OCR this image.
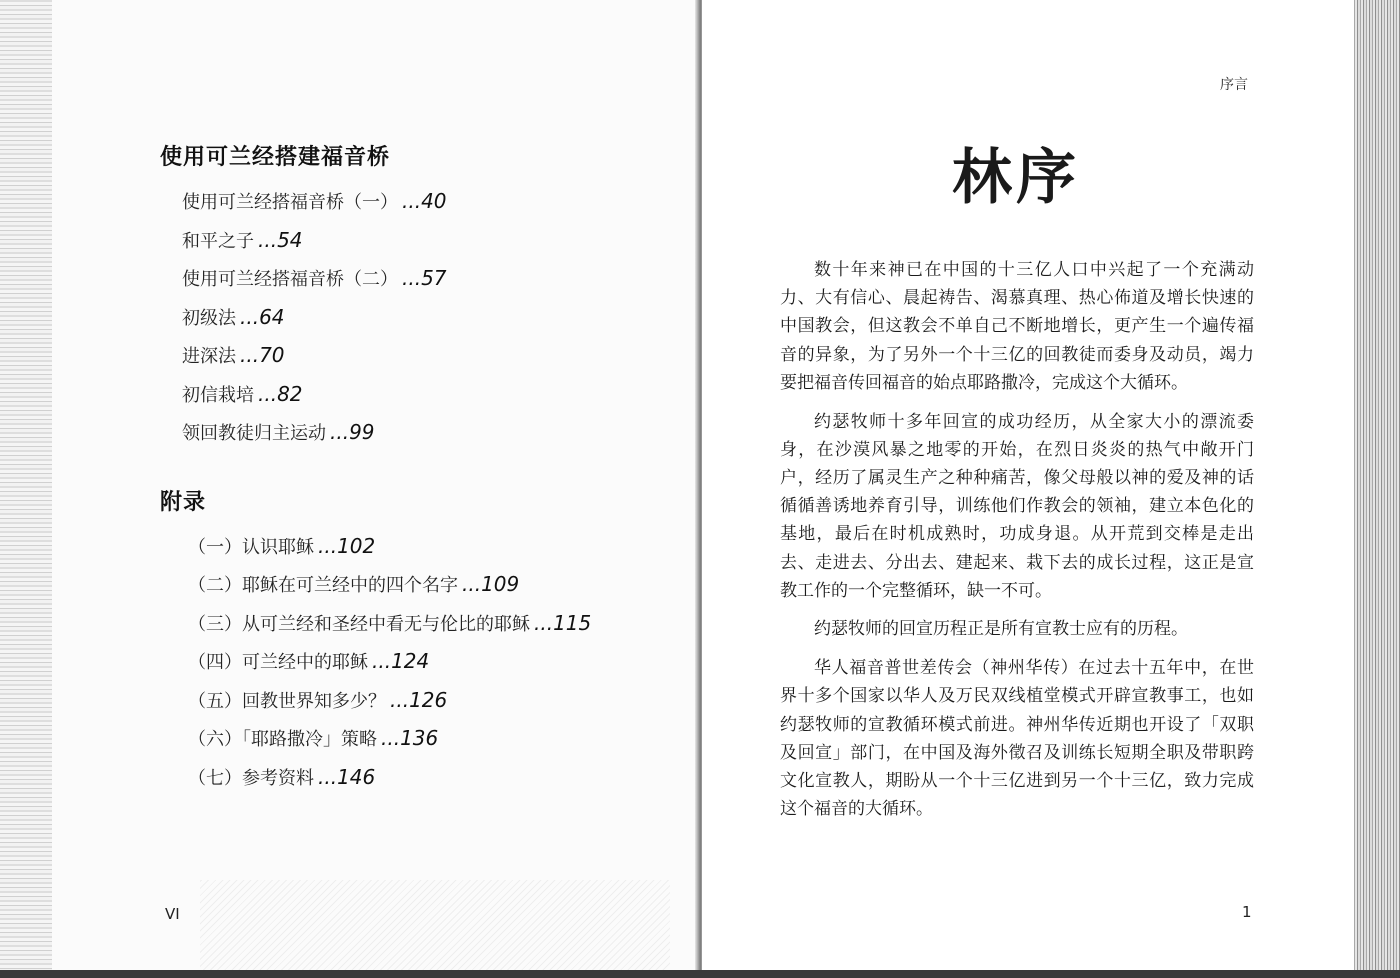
使用可兰经搭建福音桥
使用可兰经搭福音桥（一） ...40
和平之子 ...54
使用可兰经搭福音桥（二） ...57
初级法 ...64
进深法 ...70
初信栽培 ...82
领回教徒归主运动 ...99
附录
（一）认识耶稣 ...102
（二）耶稣在可兰经中的四个名字 ...109
（三）从可兰经和圣经中看无与伦比的耶稣 ...115
（四）可兰经中的耶稣 ...124
（五）回教世界知多少？ ...126
（六）「耶路撒冷」策略 ...136
（七）参考资料 ...146
VI
序言
林序

数十年来神已在中国的十三亿人口中兴起了一个充满动力、大有信心、晨起祷告、渴慕真理、热心佈道及增长快速的中国教会，但这教会不单自己不断地增长，更产生一个遍传福音的异象，为了另外一个十三亿的回教徒而委身及动员，竭力要把福音传回福音的始点耶路撒冷，完成这个大循环。

约瑟牧师十多年回宣的成功经历，从全家大小的漂流委身，在沙漠风暴之地零的开始，在烈日炎炎的热气中敞开门户，经历了属灵生产之种种痛苦，像父母般以神的爱及神的话循循善诱地养育引导，训练他们作教会的领袖，建立本色化的基地，最后在时机成熟时，功成身退。从开荒到交棒是走出去、走进去、分出去、建起来、栽下去的成长过程，这正是宣教工作的一个完整循环，缺一不可。

约瑟牧师的回宣历程正是所有宣教士应有的历程。

华人福音普世差传会（神州华传）在过去十五年中，在世界十多个国家以华人及万民双线植堂模式开辟宣教事工，也如约瑟牧师的宣教循环模式前进。神州华传近期也开设了「双职及回宣」部门，在中国及海外徵召及训练长短期全职及带职跨文化宣教人，期盼从一个十三亿进到另一个十三亿，致力完成这个福音的大循环。

1
